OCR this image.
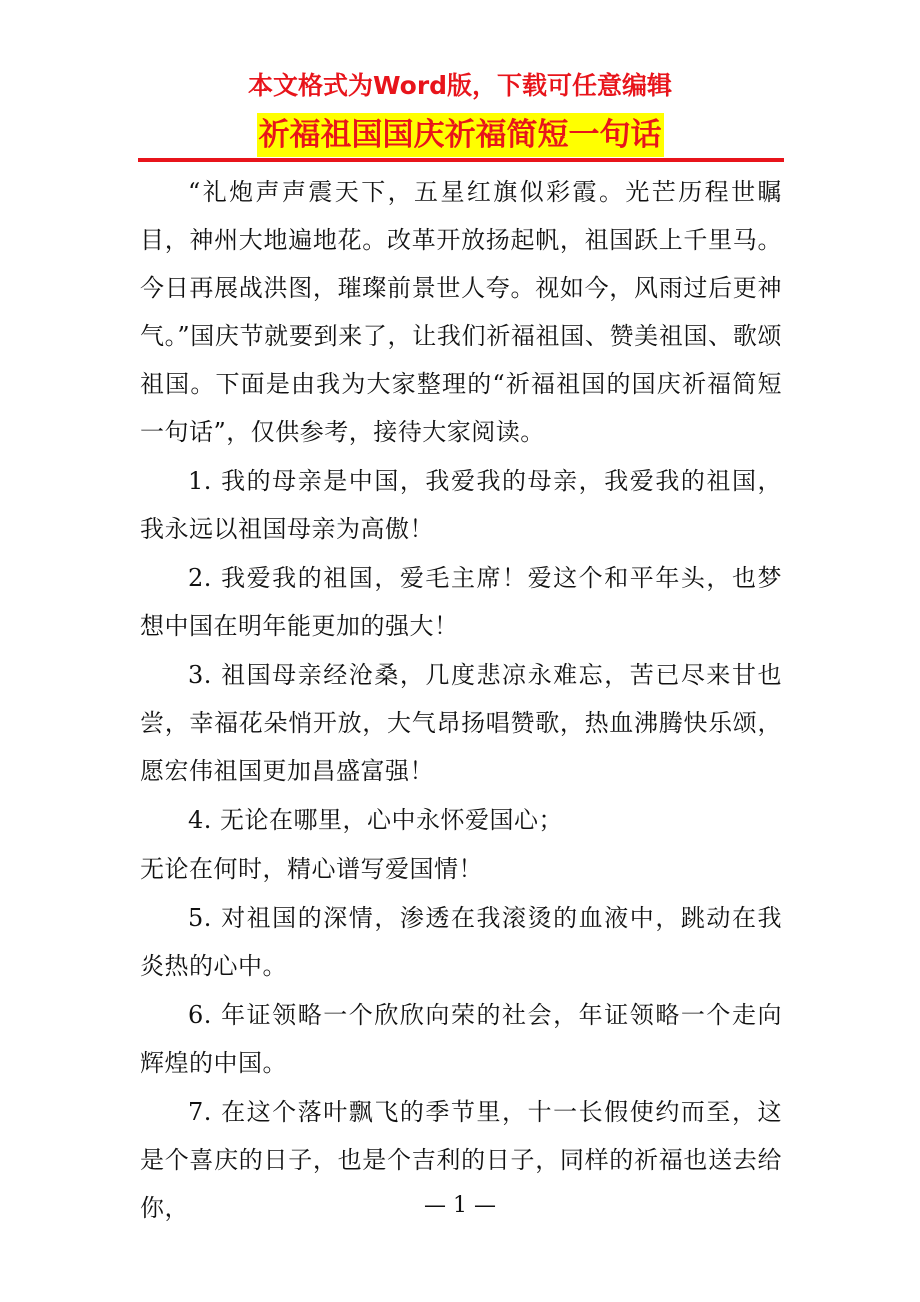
本文格式为Word版，下载可任意编辑
祈福祖国国庆祈福简短一句话

“礼炮声声震天下，五星红旗似彩霞。光芒历程世瞩目，神州大地遍地花。改革开放扬起帆，祖国跃上千里马。今日再展战洪图，璀璨前景世人夸。视如今，风雨过后更神气。”国庆节就要到来了，让我们祈福祖国、赞美祖国、歌颂祖国。下面是由我为大家整理的“祈福祖国的国庆祈福简短一句话”，仅供参考，接待大家阅读。

1. 我的母亲是中国，我爱我的母亲，我爱我的祖国，我永远以祖国母亲为高傲！

2. 我爱我的祖国，爱毛主席！爱这个和平年头，也梦想中国在明年能更加的强大！

3. 祖国母亲经沧桑，几度悲凉永难忘，苦已尽来甘也尝，幸福花朵悄开放，大气昂扬唱赞歌，热血沸腾快乐颂，愿宏伟祖国更加昌盛富强！

4. 无论在哪里，心中永怀爱国心；

无论在何时，精心谱写爱国情！

5. 对祖国的深情，渗透在我滚烫的血液中，跳动在我炎热的心中。

6. 年证领略一个欣欣向荣的社会，年证领略一个走向辉煌的中国。

7. 在这个落叶飘飞的季节里，十一长假使约而至，这是个喜庆的日子，也是个吉利的日子，同样的祈福也送去给你，	— 1 —
